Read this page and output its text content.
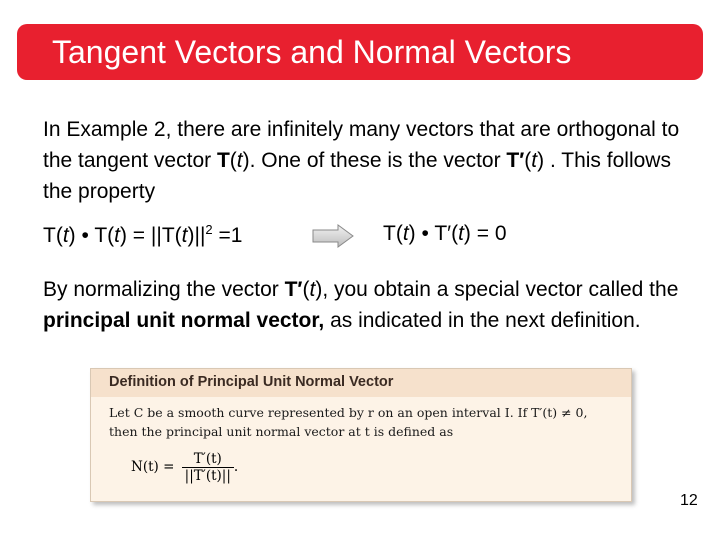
Tangent Vectors and Normal Vectors

In Example 2, there are infinitely many vectors that are orthogonal to the tangent vector T(t). One of these is the vector T′(t) . This follows the property

T(t) • $T(t) = ||T(t)||^2 =1$	T(t) • T′(t) = 0

By normalizing the vector T′(t), you obtain a special vector called the principal unit normal vector, as indicated in the next definition.

Definition of Principal Unit Normal Vector
Let C be a smooth curve represented by r on an open interval I. If T′(t) ≠ 0,
then the principal unit normal vector at t is defined as
$N(t) = \frac{T'(t)}{||T'(t)||}$ .
12
